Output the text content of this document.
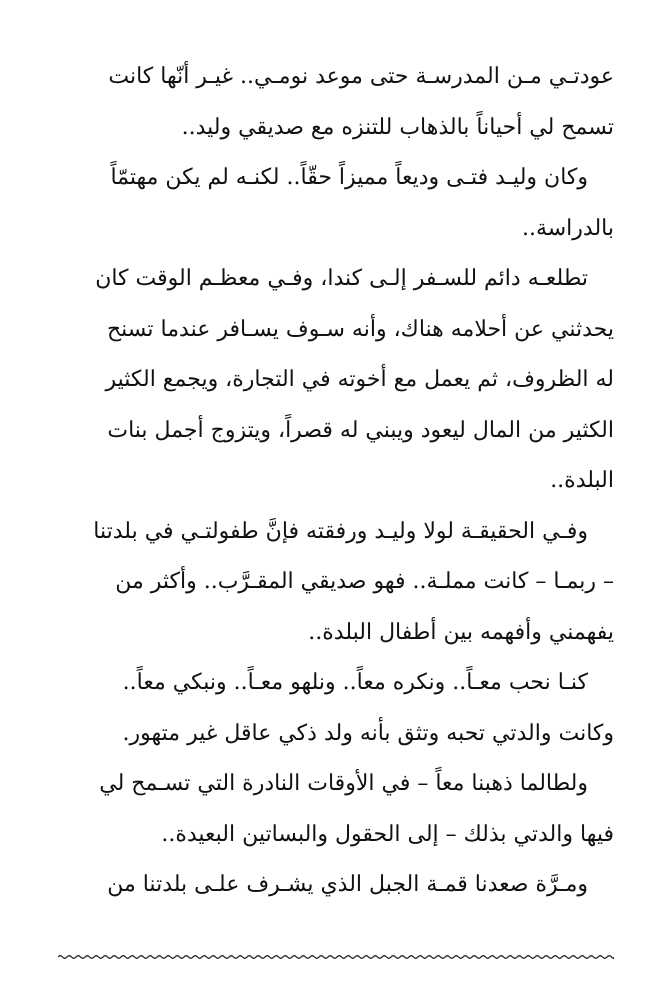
عودتـي مـن المدرسـة حتى موعد نومـي.. غيـر أنّها كانت
تسمح لي أحياناً بالذهاب للتنزه مع صديقي وليد..

وكان وليـد فتـى وديعاً مميزاً حقّاً.. لكنـه لم يكن مهتمّاً
بالدراسة..

تطلعـه دائم للسـفر إلـى كندا، وفـي معظـم الوقت كان
يحدثني عن أحلامه هناك، وأنه سـوف يسـافر عندما تسنح
له الظروف، ثم يعمل مع أخوته في التجارة، ويجمع الكثير
الكثير من المال ليعود ويبني له قصراً، ويتزوج أجمل بنات
البلدة..

وفـي الحقيقـة لولا وليـد ورفقته فإنَّ طفولتـي في بلدتنا
– ربمـا – كانت مملـة.. فهو صديقي المقـرَّب.. وأكثر من
يفهمني وأفهمه بين أطفال البلدة..

كنـا نحب معـاً.. ونكره معاً.. ونلهو معـاً.. ونبكي معاً..
وكانت والدتي تحبه وتثق بأنه ولد ذكي عاقل غير متهور.

ولطالما ذهبنا معاً – في الأوقات النادرة التي تسـمح لي
فيها والدتي بذلك – إلى الحقول والبساتين البعيدة..

ومـرَّة صعدنا قمـة الجبل الذي يشـرف علـى بلدتنا من
